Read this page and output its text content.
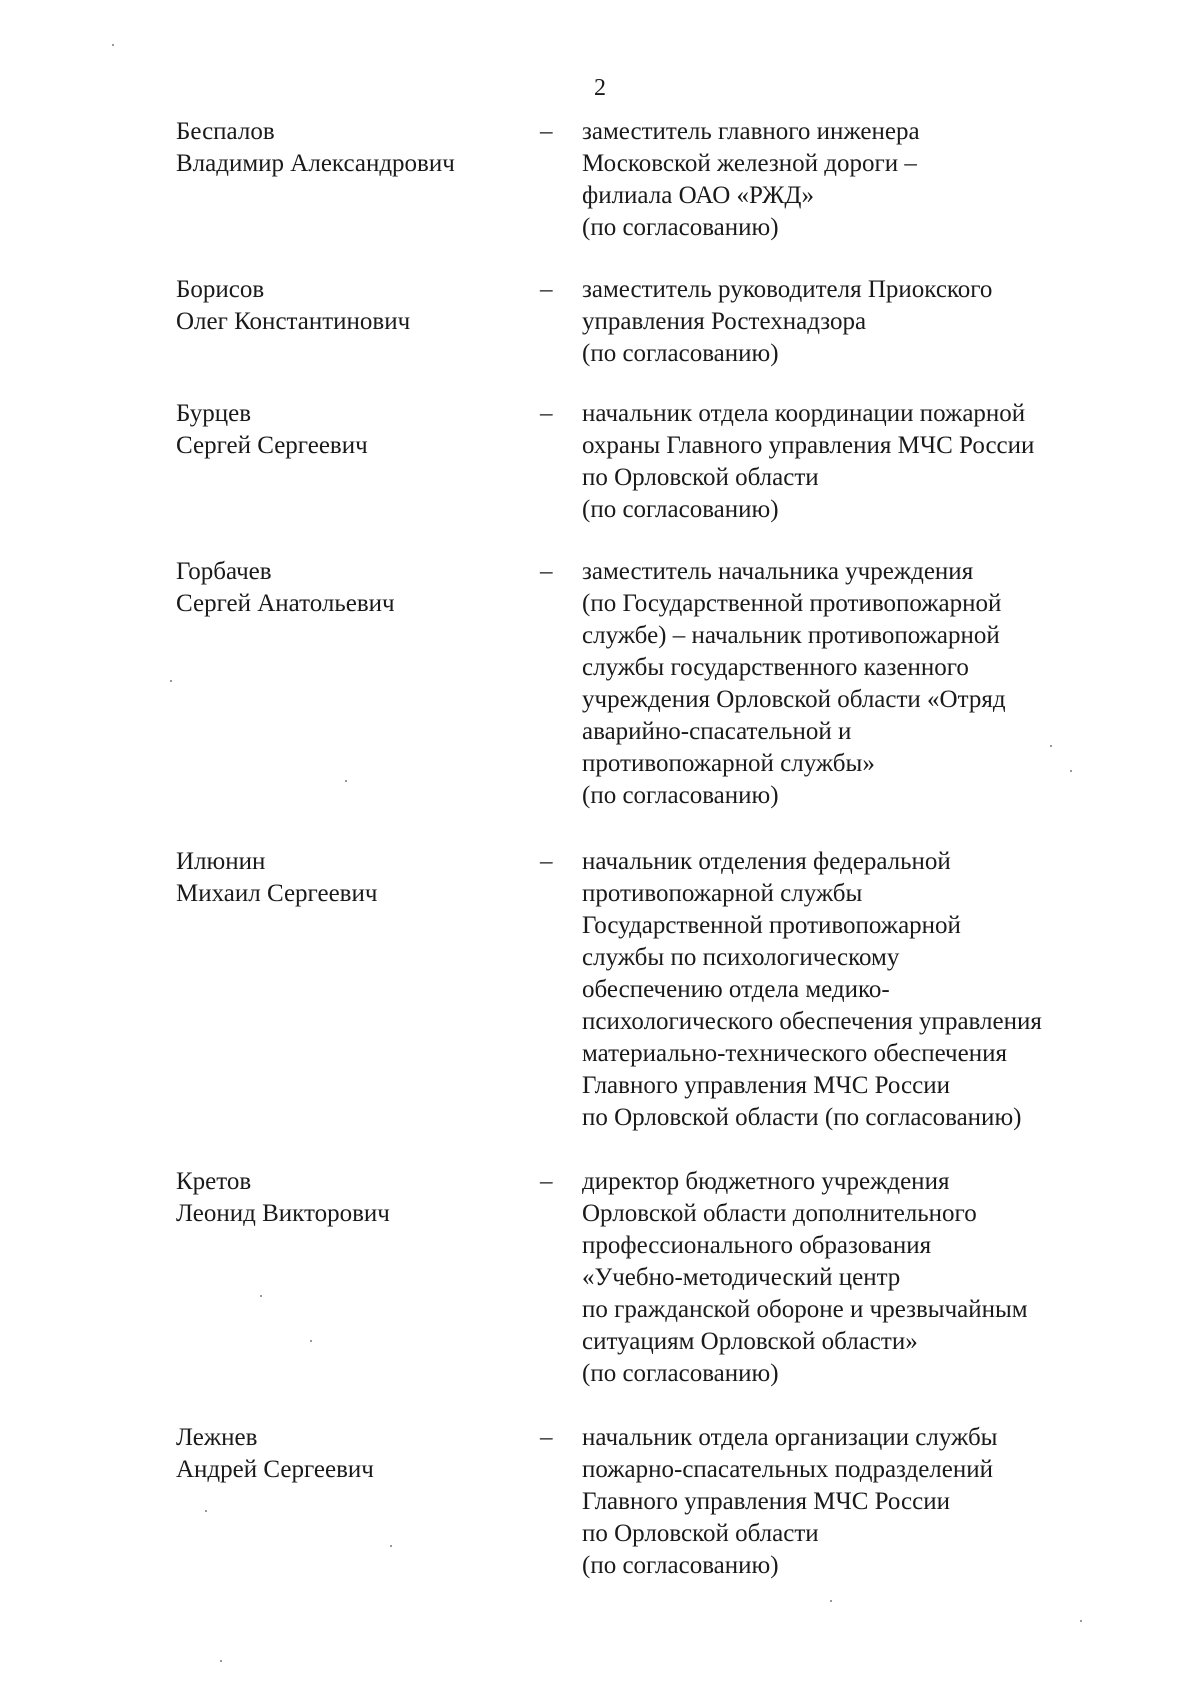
2
Беспалов
Владимир Александрович
– заместитель главного инженера
Московской железной дороги –
филиала ОАО «РЖД»
(по согласованию)
Борисов
Олег Константинович
– заместитель руководителя Приокского
управления Ростехнадзора
(по согласованию)
Бурцев
Сергей Сергеевич
– начальник отдела координации пожарной
охраны Главного управления МЧС России
по Орловской области
(по согласованию)
Горбачев
Сергей Анатольевич
– заместитель начальника учреждения
(по Государственной противопожарной
службе) – начальник противопожарной
службы государственного казенного
учреждения Орловской области «Отряд
аварийно-спасательной и
противопожарной службы»
(по согласованию)
Илюнин
Михаил Сергеевич
– начальник отделения федеральной
противопожарной службы
Государственной противопожарной
службы по психологическому
обеспечению отдела медико-
психологического обеспечения управления
материально-технического обеспечения
Главного управления МЧС России
по Орловской области (по согласованию)
Кретов
Леонид Викторович
– директор бюджетного учреждения
Орловской области дополнительного
профессионального образования
«Учебно-методический центр
по гражданской обороне и чрезвычайным
ситуациям Орловской области»
(по согласованию)
Лежнев
Андрей Сергеевич
– начальник отдела организации службы
пожарно-спасательных подразделений
Главного управления МЧС России
по Орловской области
(по согласованию)
